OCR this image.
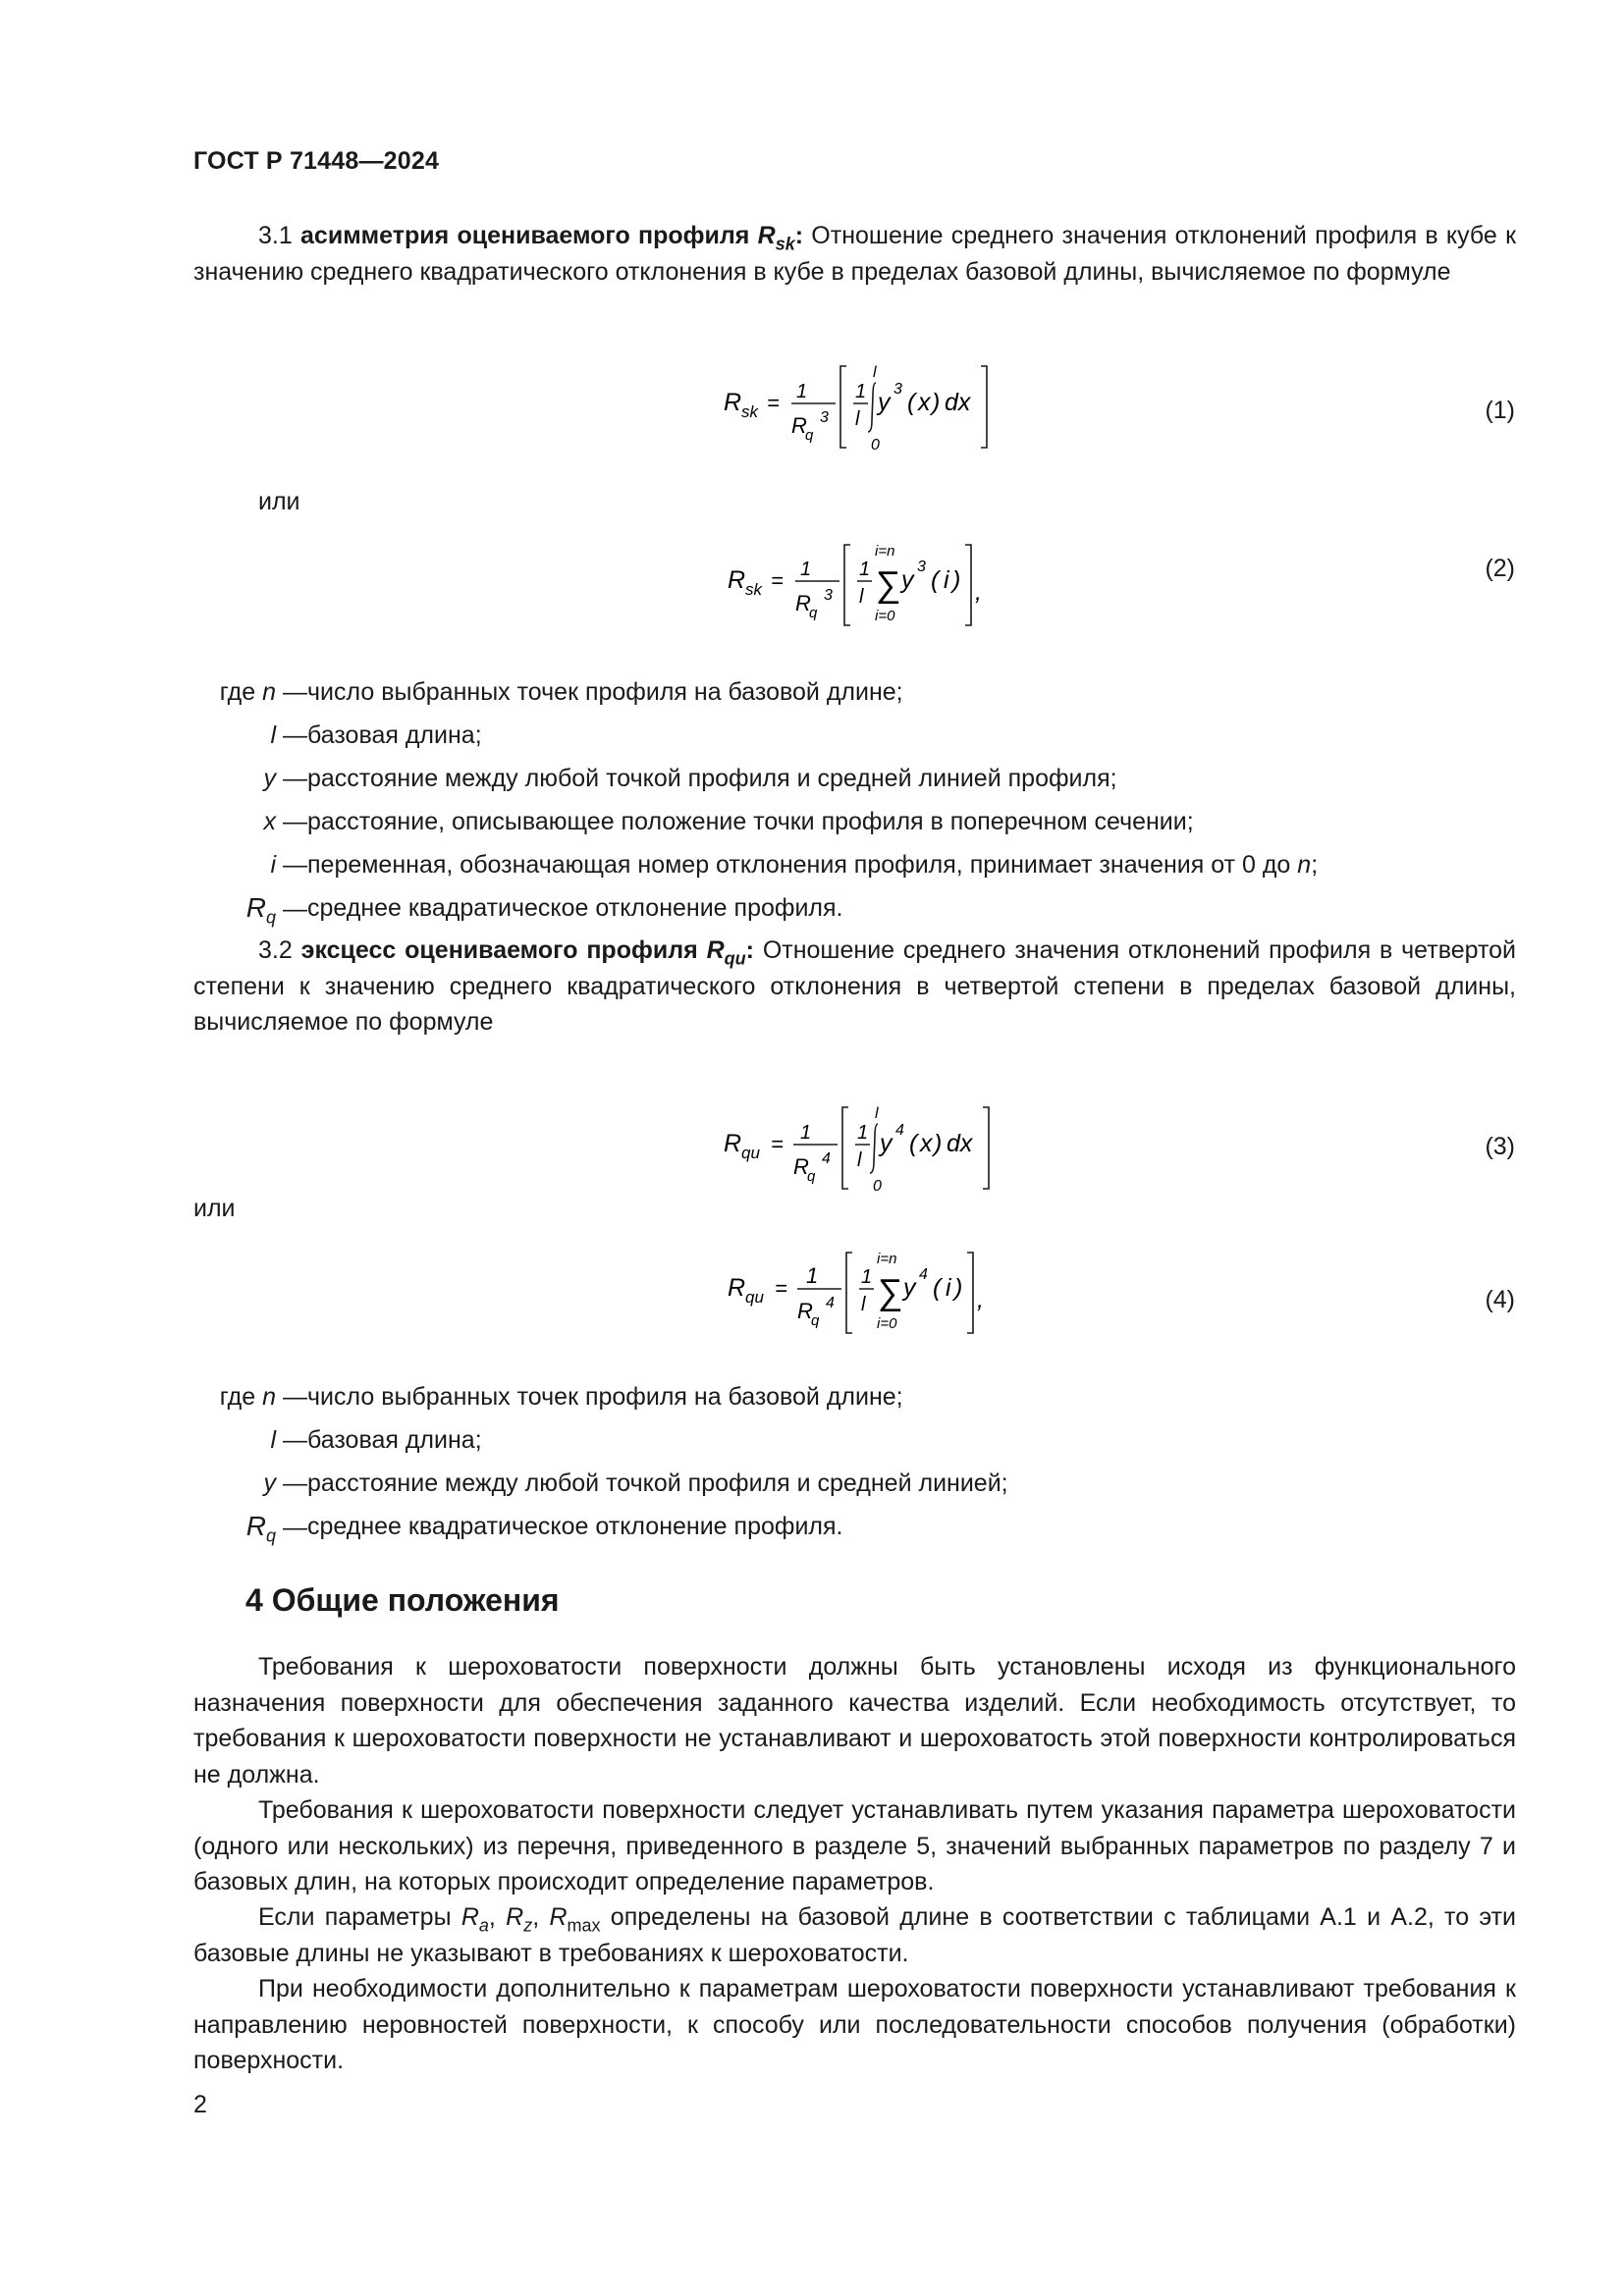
ГОСТ Р 71448—2024
3.1 асимметрия оцениваемого профиля $R_{sk}$: Отношение среднего значения отклонений профиля в кубе к значению среднего квадратического отклонения в кубе в пределах базовой длины, вычисляемое по формуле
R sk = 1
R
q
3
1
l
l
0
y 3 ( x ) dx	(1)
или
R sk = 1
R
q
3
1
l
i=n
∑
i=0
y 3 ( i ) ,
(2)
где n — число выбранных точек профиля на базовой длине;
l — базовая длина;
y — расстояние между любой точкой профиля и средней линией профиля;
x — расстояние, описывающее положение точки профиля в поперечном сечении;
i — переменная, обозначающая номер отклонения профиля, принимает значения от 0 до n;
$R_q$ — среднее квадратическое отклонение профиля.
3.2 эксцесс оцениваемого профиля $R_{qu}$: Отношение среднего значения отклонений профиля в четвертой степени к значению среднего квадратического отклонения в четвертой степени в пределах базовой длины, вычисляемое по формуле
R qu = 1
R
q
4
1
l
l
0
y 4 ( x ) dx	(3)
или
R qu =
1
R
q
4
1
l
i=n
∑
i=0
y 4 ( i ) ,	(4)
где n — число выбранных точек профиля на базовой длине;
l — базовая длина;
y — расстояние между любой точкой профиля и средней линией;
$R_q$ — среднее квадратическое отклонение профиля.
4 Общие положения
Требования к шероховатости поверхности должны быть установлены исходя из функционального назначения поверхности для обеспечения заданного качества изделий. Если необходимость отсутствует, то требования к шероховатости поверхности не устанавливают и шероховатость этой поверхности контролироваться не должна.
Требования к шероховатости поверхности следует устанавливать путем указания параметра шероховатости (одного или нескольких) из перечня, приведенного в разделе 5, значений выбранных параметров по разделу 7 и базовых длин, на которых происходит определение параметров.
Если параметры $R_a$, $R_z$, $R_{max}$ определены на базовой длине в соответствии с таблицами А.1 и А.2, то эти базовые длины не указывают в требованиях к шероховатости.
При необходимости дополнительно к параметрам шероховатости поверхности устанавливают требования к направлению неровностей поверхности, к способу или последовательности способов получения (обработки) поверхности.
2
